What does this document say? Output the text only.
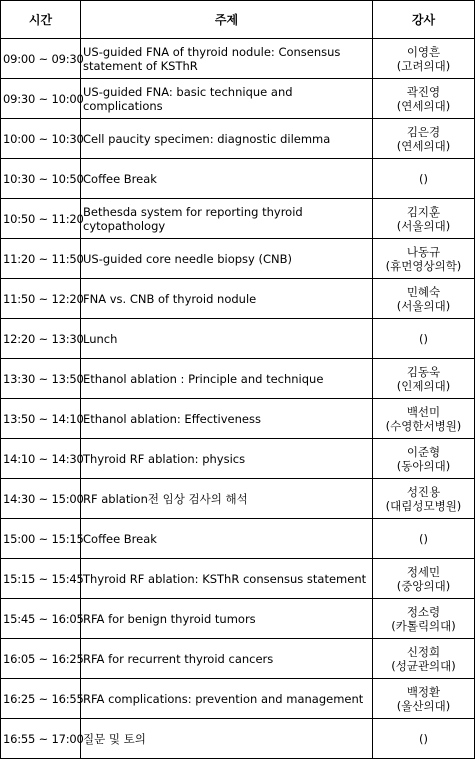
시간	주제	강사
09:00 ~ 09:30	US-guided FNA of thyroid nodule: Consensus statement of KSThR	이영흔
(고려의대)

09:30 ~ 10:00	US-guided FNA: basic technique and complications	곽진영
(연세의대)

10:00 ~ 10:30	Cell paucity specimen: diagnostic dilemma	김은경
(연세의대)

10:30 ~ 10:50	Coffee Break	()

10:50 ~ 11:20	Bethesda system for reporting thyroid cytopathology	김지훈
(서울의대)

11:20 ~ 11:50	US-guided core needle biopsy (CNB)	나동규
(휴먼영상의학)

11:50 ~ 12:20	FNA vs. CNB of thyroid nodule	민혜숙
(서울의대)

12:20 ~ 13:30	Lunch	()

13:30 ~ 13:50	Ethanol ablation : Principle and technique	김동욱
(인제의대)

13:50 ~ 14:10	Ethanol ablation: Effectiveness	백선미
(수영한서병원)

14:10 ~ 14:30	Thyroid RF ablation: physics	이준형
(동아의대)

14:30 ~ 15:00	RF ablation전 임상 검사의 해석	성진용
(대림성모병원)

15:00 ~ 15:15	Coffee Break	()

15:15 ~ 15:45	Thyroid RF ablation: KSThR consensus statement	정세민
(중앙의대)

15:45 ~ 16:05	RFA for benign thyroid tumors	정소령
(카톨릭의대)

16:05 ~ 16:25	RFA for recurrent thyroid cancers	신정희
(성균관의대)

16:25 ~ 16:55	RFA complications: prevention and management	백정환
(울산의대)

16:55 ~ 17:00	질문 및 토의	()
